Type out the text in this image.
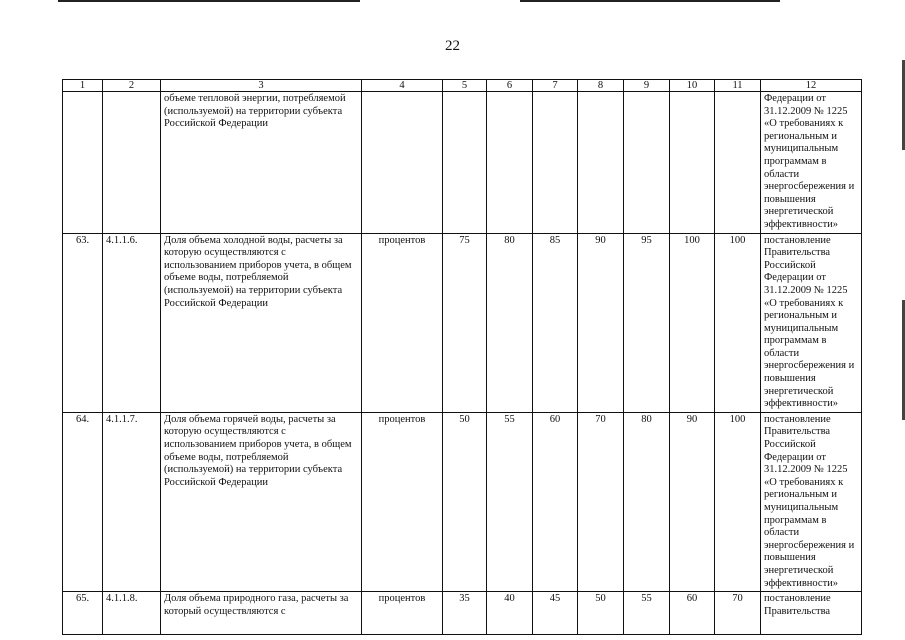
22
1	2	3	4	5	6	7	8	9	10	11	12
		объеме тепловой энергии, потребляемой (используемой) на территории субъекта Российской Федерации									Федерации от 31.12.2009 № 1225 «О требованиях к региональным и муниципальным программам в области энергосбережения и повышения энергетической эффективности»
63.	4.1.1.6.	Доля объема холодной воды, расчеты за которую осуществляются с использованием приборов учета, в общем объеме воды, потребляемой (используемой) на территории субъекта Российской Федерации	процентов	75	80	85	90	95	100	100	постановление Правительства Российской Федерации от 31.12.2009 № 1225 «О требованиях к региональным и муниципальным программам в области энергосбережения и повышения энергетической эффективности»
64.	4.1.1.7.	Доля объема горячей воды, расчеты за которую осуществляются с использованием приборов учета, в общем объеме воды, потребляемой (используемой) на территории субъекта Российской Федерации	процентов	50	55	60	70	80	90	100	постановление Правительства Российской Федерации от 31.12.2009 № 1225 «О требованиях к региональным и муниципальным программам в области энергосбережения и повышения энергетической эффективности»
65.	4.1.1.8.	Доля объема природного газа, расчеты за который осуществляются с	процентов	35	40	45	50	55	60	70	постановление Правительства
